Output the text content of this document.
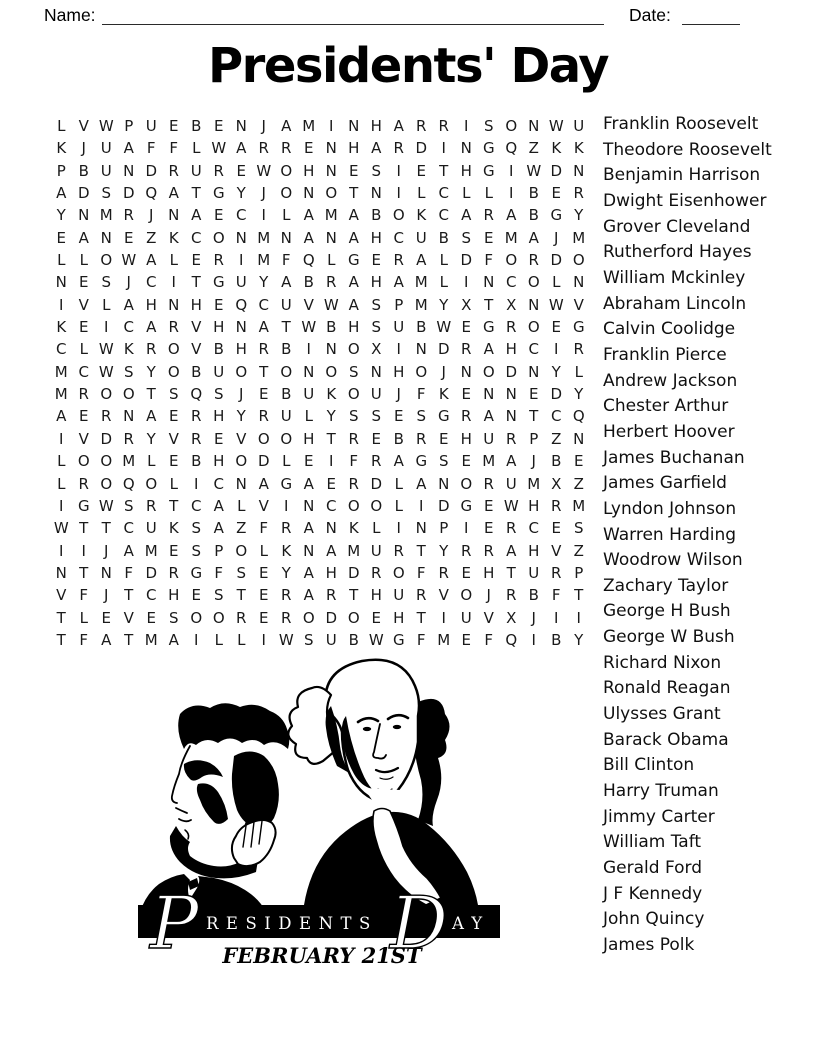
Name:	Date:
Presidents' Day
L V W P U E B E N J	A M I N H A R R	I	S O N W U
K	J U A F F L W A R R E N H A R D I N G Q Z K K
P B U N D R U R E W O H N E S	I	E T H G I W D N
A D S D Q A T G Y	J O N O T N I	L C L L	I	B E R
Y N M R	J N A E C	I	L A M A B O K C A R A B G Y
E A N E Z K C O N M N A N A H C U B S E M A	J M
L L O W A L E R	I M F Q L G E R A L D F O R D O
N E S	J	C	I	T G U Y A B R A H A M L	I N C O L N
I	V L A H N H E Q C U V W A S P M Y X T X N W V
K E	I	C A R V H N A T W B H S U B W E G R O E G
C L W K R O V B H R B	I N O X	I N D R A H C	I	R
M C W S Y O B U O T O N O S N H O J N O D N Y L
M R O O T S Q S	J	E B U K O U J	F K E N N E D Y
A E R N A E R H Y R U L Y S S E S G R A N T C Q
I	V D R Y V R E V O O H T R E B R E H U R P Z N
L O O M L E B H O D L E	I	F R A G S E M A	J	B E
L R O Q O L	I	C N A G A E R D L A N O R U M X Z
I G W S R T C A L V	I N C O O L	I D G E W H R M
W T T C U K S A Z F R A N K L	I N P	I	E R C E S
I	I	J	A M E S P O L K N A M U R T Y R R A H V Z
N T N F D R G F S E Y A H D R O F R E H T U R P
V F	J	T C H E S T E R A R T H U R V O J	R B F T
T L E V E S O O R E R O D O E H T	I U V X	J	I	I
T F A T M A	I	L L	I W S U B W G F M E F Q I	B Y
Franklin Roosevelt
Theodore Roosevelt
Benjamin Harrison
Dwight Eisenhower
Grover Cleveland
Rutherford Hayes
William Mckinley
Abraham Lincoln
Calvin Coolidge
Franklin Pierce
Andrew Jackson
Chester Arthur
Herbert Hoover
James Buchanan
James Garfield
Lyndon Johnson
Warren Harding
Woodrow Wilson
Zachary Taylor
George H Bush
George W Bush
Richard Nixon
Ronald Reagan
Ulysses Grant
Barack Obama
Bill Clinton
Harry Truman
Jimmy Carter
William Taft
Gerald Ford
J F Kennedy
John Quincy
James Polk
P RESIDENTS D AY
FEBRUARY 21ST
